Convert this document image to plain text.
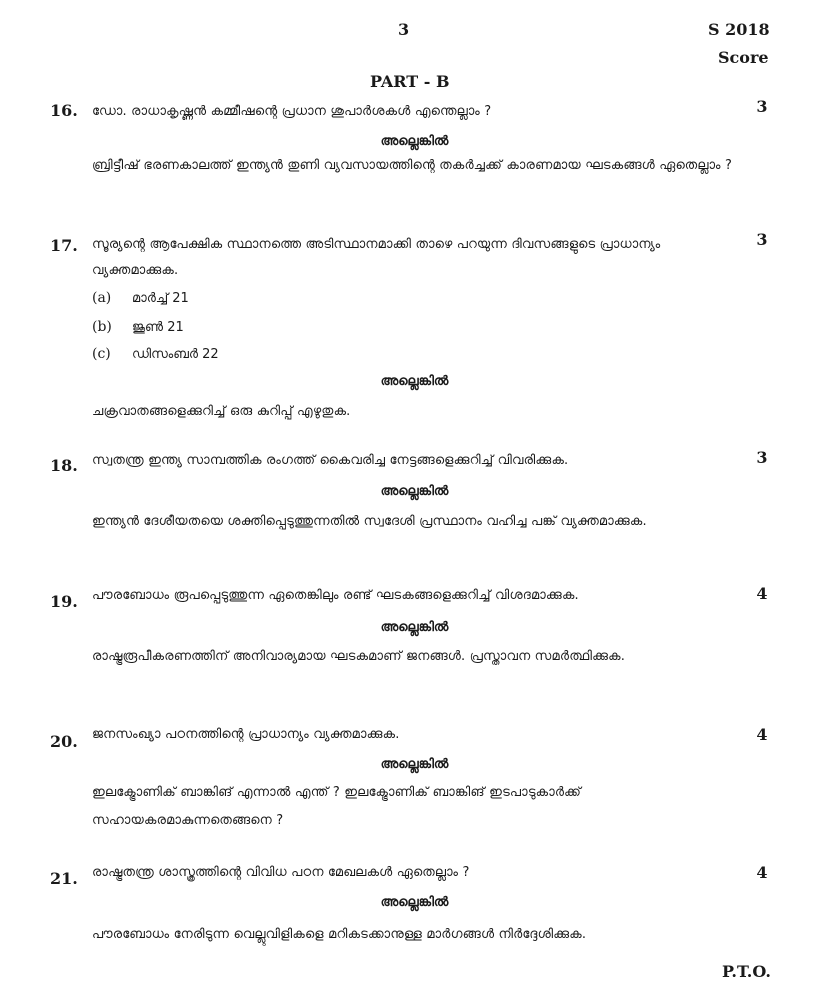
3	S 2018
Score
PART - B
16. ഡോ. രാധാകൃഷ്ണൻ കമ്മീഷന്റെ പ്രധാന ശുപാർശകൾ എന്തെല്ലാം ?	3
അല്ലെങ്കിൽ
ബ്രിട്ടീഷ് ഭരണകാലത്ത് ഇന്ത്യൻ തുണി വ്യവസായത്തിന്റെ തകർച്ചക്ക് കാരണമായ ഘടകങ്ങൾ ഏതെല്ലാം ?
17. സൂര്യന്റെ ആപേക്ഷിക സ്ഥാനത്തെ അടിസ്ഥാനമാക്കി താഴെ പറയുന്ന ദിവസങ്ങളുടെ പ്രാധാന്യം വ്യക്തമാക്കുക.
3
(a) മാർച്ച് 21
(b) ജൂൺ 21
(c) ഡിസംബർ 22
അല്ലെങ്കിൽ
ചക്രവാതങ്ങളെക്കുറിച്ച് ഒരു കുറിപ്പ് എഴുതുക.
18. സ്വതന്ത്ര ഇന്ത്യ സാമ്പത്തിക രംഗത്ത് കൈവരിച്ച നേട്ടങ്ങളെക്കുറിച്ച് വിവരിക്കുക.	3
അല്ലെങ്കിൽ
ഇന്ത്യൻ ദേശീയതയെ ശക്തിപ്പെടുത്തുന്നതിൽ സ്വദേശി പ്രസ്ഥാനം വഹിച്ച പങ്ക് വ്യക്തമാക്കുക.
19. പൗരബോധം രൂപപ്പെടുത്തുന്ന ഏതെങ്കിലും രണ്ട് ഘടകങ്ങളെക്കുറിച്ച് വിശദമാക്കുക.	4
അല്ലെങ്കിൽ
രാഷ്ട്രരൂപീകരണത്തിന് അനിവാര്യമായ ഘടകമാണ് ജനങ്ങൾ. പ്രസ്താവന സമർത്ഥിക്കുക.
20. ജനസംഖ്യാ പഠനത്തിന്റെ പ്രാധാന്യം വ്യക്തമാക്കുക.	4
അല്ലെങ്കിൽ
ഇലക്ട്രോണിക് ബാങ്കിങ് എന്നാൽ എന്ത് ? ഇലക്ട്രോണിക് ബാങ്കിങ് ഇടപാടുകാർക്ക് സഹായകരമാകുന്നതെങ്ങനെ ?
21. രാഷ്ട്രതന്ത്ര ശാസ്ത്രത്തിന്റെ വിവിധ പഠന മേഖലകൾ ഏതെല്ലാം ?	4
അല്ലെങ്കിൽ
പൗരബോധം നേരിടുന്ന വെല്ലുവിളികളെ മറികടക്കാനുള്ള മാർഗങ്ങൾ നിർദ്ദേശിക്കുക.
P.T.O.
